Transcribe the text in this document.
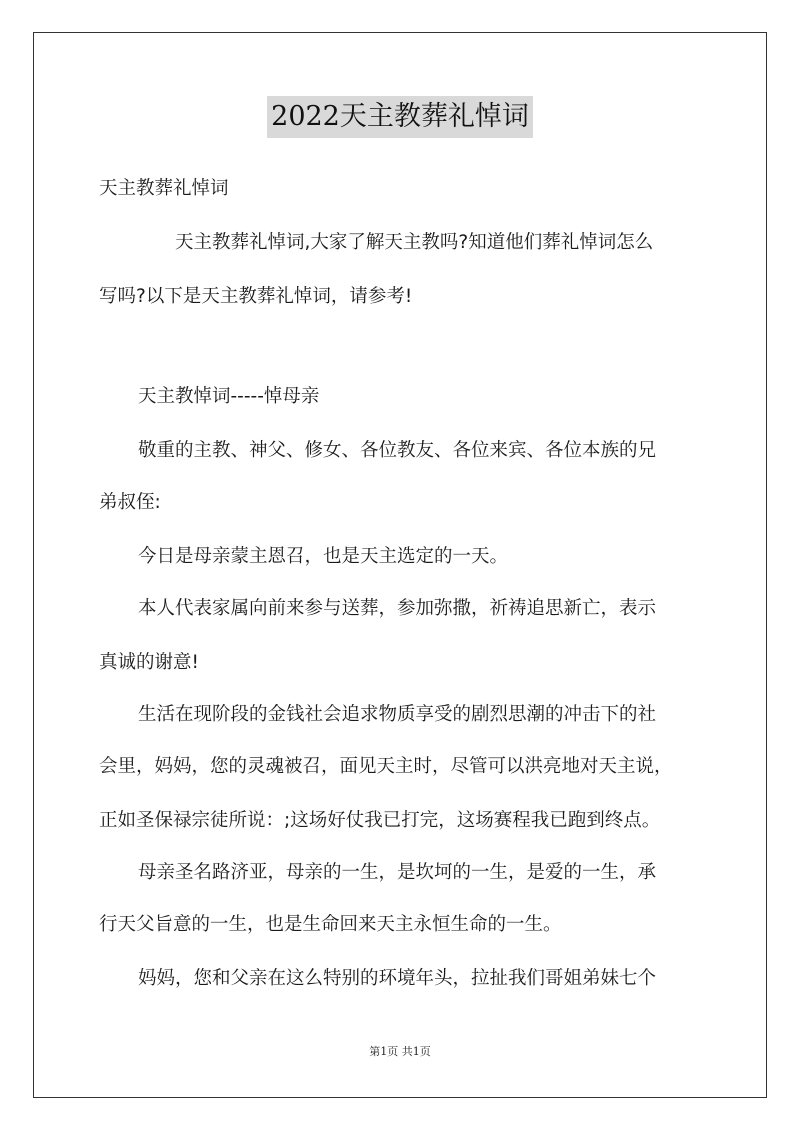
2022天主教葬礼悼词

天主教葬礼悼词

天主教葬礼悼词,大家了解天主教吗?知道他们葬礼悼词怎么

写吗?以下是天主教葬礼悼词，请参考!

天主教悼词-----悼母亲

敬重的主教、神父、修女、各位教友、各位来宾、各位本族的兄

弟叔侄:

今日是母亲蒙主恩召，也是天主选定的一天。

本人代表家属向前来参与送葬，参加弥撒，祈祷追思新亡，表示

真诚的谢意!

生活在现阶段的金钱社会追求物质享受的剧烈思潮的冲击下的社

会里，妈妈，您的灵魂被召，面见天主时，尽管可以洪亮地对天主说，

正如圣保禄宗徒所说：;这场好仗我已打完，这场赛程我已跑到终点。

母亲圣名路济亚，母亲的一生，是坎坷的一生，是爱的一生，承

行天父旨意的一生，也是生命回来天主永恒生命的一生。

妈妈，您和父亲在这么特别的环境年头，拉扯我们哥姐弟妹七个

第1页 共1页
